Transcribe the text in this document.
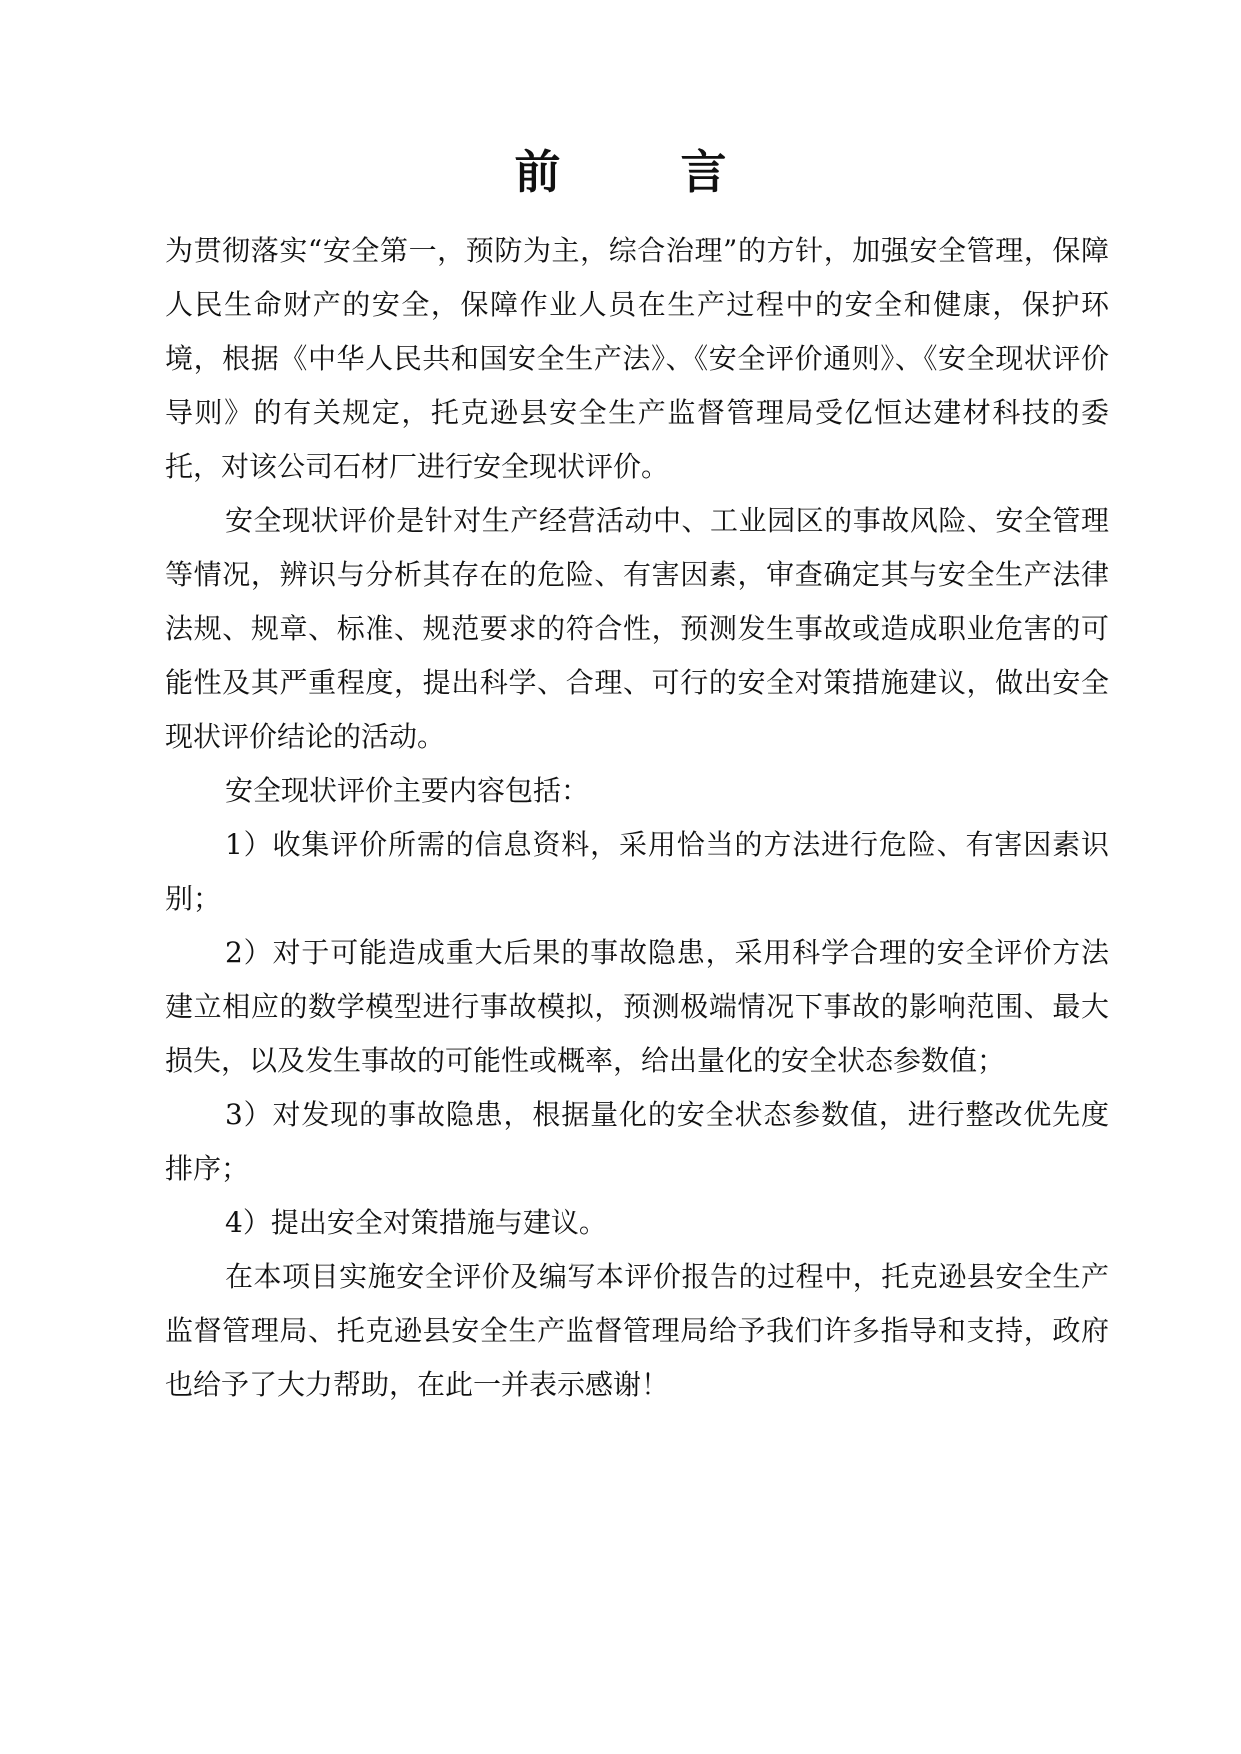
前 言

为贯彻落实“安全第一，预防为主，综合治理”的方针，加强安全管理，保障人民生命财产的安全，保障作业人员在生产过程中的安全和健康，保护环境，根据《中华人民共和国安全生产法》、《安全评价通则》、《安全现状评价导则》的有关规定，托克逊县安全生产监督管理局受亿恒达建材科技的委托，对该公司石材厂进行安全现状评价。

安全现状评价是针对生产经营活动中、工业园区的事故风险、安全管理等情况，辨识与分析其存在的危险、有害因素，审查确定其与安全生产法律法规、规章、标准、规范要求的符合性，预测发生事故或造成职业危害的可能性及其严重程度，提出科学、合理、可行的安全对策措施建议，做出安全现状评价结论的活动。

安全现状评价主要内容包括：

1）收集评价所需的信息资料，采用恰当的方法进行危险、有害因素识别；

2）对于可能造成重大后果的事故隐患，采用科学合理的安全评价方法建立相应的数学模型进行事故模拟，预测极端情况下事故的影响范围、最大损失，以及发生事故的可能性或概率，给出量化的安全状态参数值；

3）对发现的事故隐患，根据量化的安全状态参数值，进行整改优先度排序；

4）提出安全对策措施与建议。

在本项目实施安全评价及编写本评价报告的过程中，托克逊县安全生产监督管理局、托克逊县安全生产监督管理局给予我们许多指导和支持，政府也给予了大力帮助，在此一并表示感谢！
